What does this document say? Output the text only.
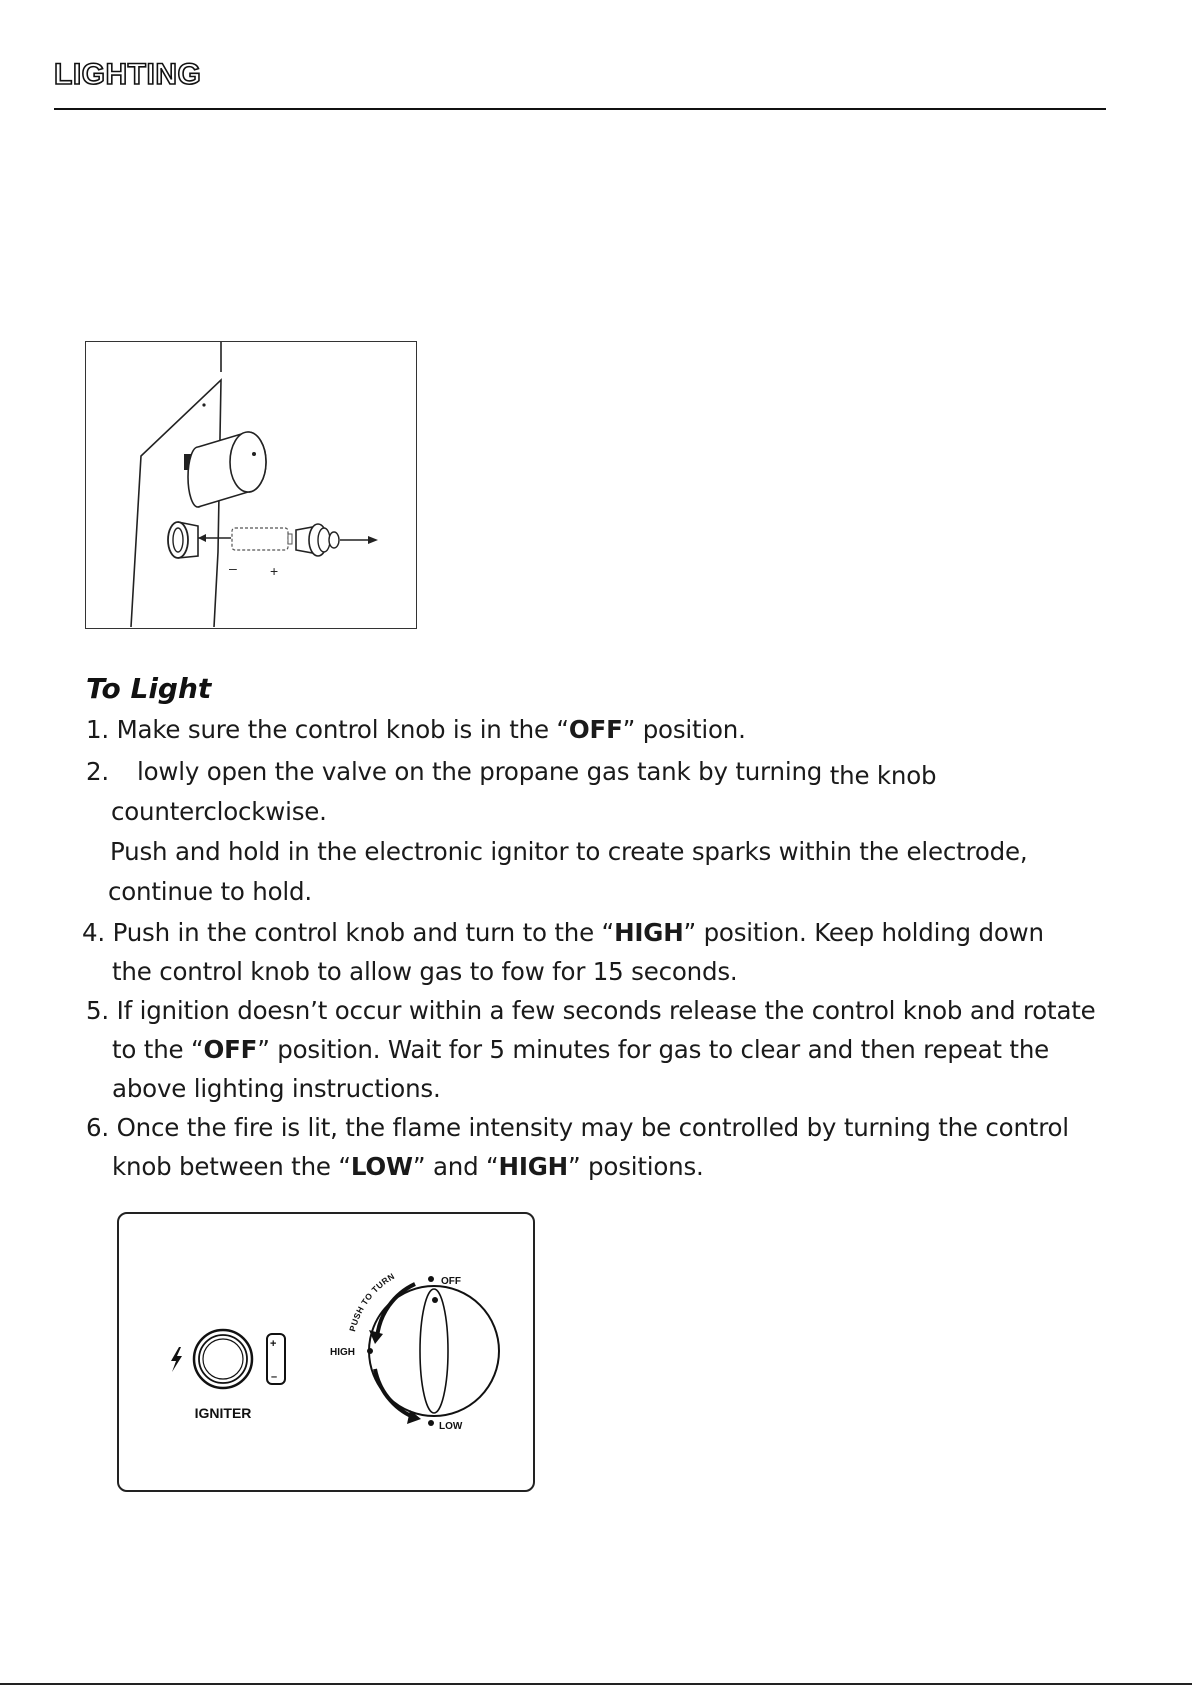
LIGHTING
– +
To Light
1. Make sure the control knob is in the “OFF” position.
2. lowly open the valve on the propane gas tank by turning the knob
counterclockwise.
Push and hold in the electronic ignitor to create sparks within the electrode,
continue to hold.
4. Push in the control knob and turn to the “HIGH” position. Keep holding down
the control knob to allow gas to fow for 15 seconds.
5. If ignition doesn’t occur within a few seconds release the control knob and rotate
to the “OFF” position. Wait for 5 minutes for gas to clear and then repeat the
above lighting instructions.
6. Once the fire is lit, the flame intensity may be controlled by turning the control
knob between the “LOW” and “HIGH” positions.
+
–
IGNITER
OFF
HIGH
LOW
PUSH TO TURN
